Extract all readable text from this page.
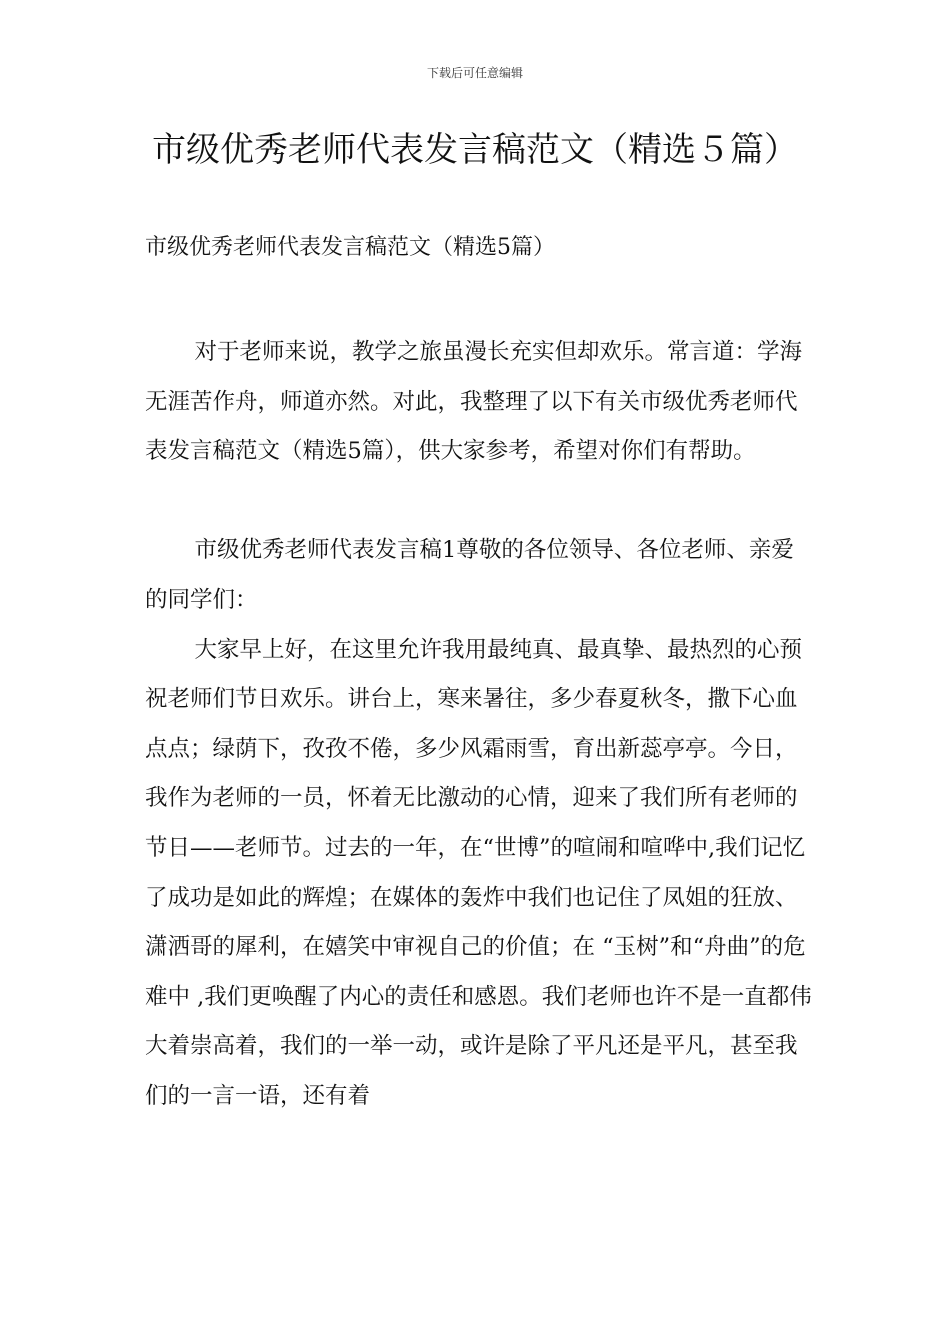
下载后可任意编辑
市级优秀老师代表发言稿范文（精选５篇）

市级优秀老师代表发言稿范文（精选5篇）

对于老师来说，教学之旅虽漫长充实但却欢乐。常言道：学海无涯苦作舟，师道亦然。对此，我整理了以下有关市级优秀老师代表发言稿范文（精选5篇），供大家参考，希望对你们有帮助。

市级优秀老师代表发言稿1尊敬的各位领导、各位老师、亲爱的同学们：

大家早上好，在这里允许我用最纯真、最真挚、最热烈的心预祝老师们节日欢乐。讲台上，寒来暑往，多少春夏秋冬，撒下心血点点；绿荫下，孜孜不倦，多少风霜雨雪，育出新蕊亭亭。今日，我作为老师的一员，怀着无比激动的心情，迎来了我们所有老师的节日——老师节。过去的一年，在“世博”的喧闹和喧哗中,我们记忆了成功是如此的辉煌；在媒体的轰炸中我们也记住了凤姐的狂放、潇洒哥的犀利，在嬉笑中审视自己的价值；在 “玉树”和“舟曲”的危难中 ,我们更唤醒了内心的责任和感恩。我们老师也许不是一直都伟大着崇高着，我们的一举一动，或许是除了平凡还是平凡，甚至我们的一言一语，还有着
